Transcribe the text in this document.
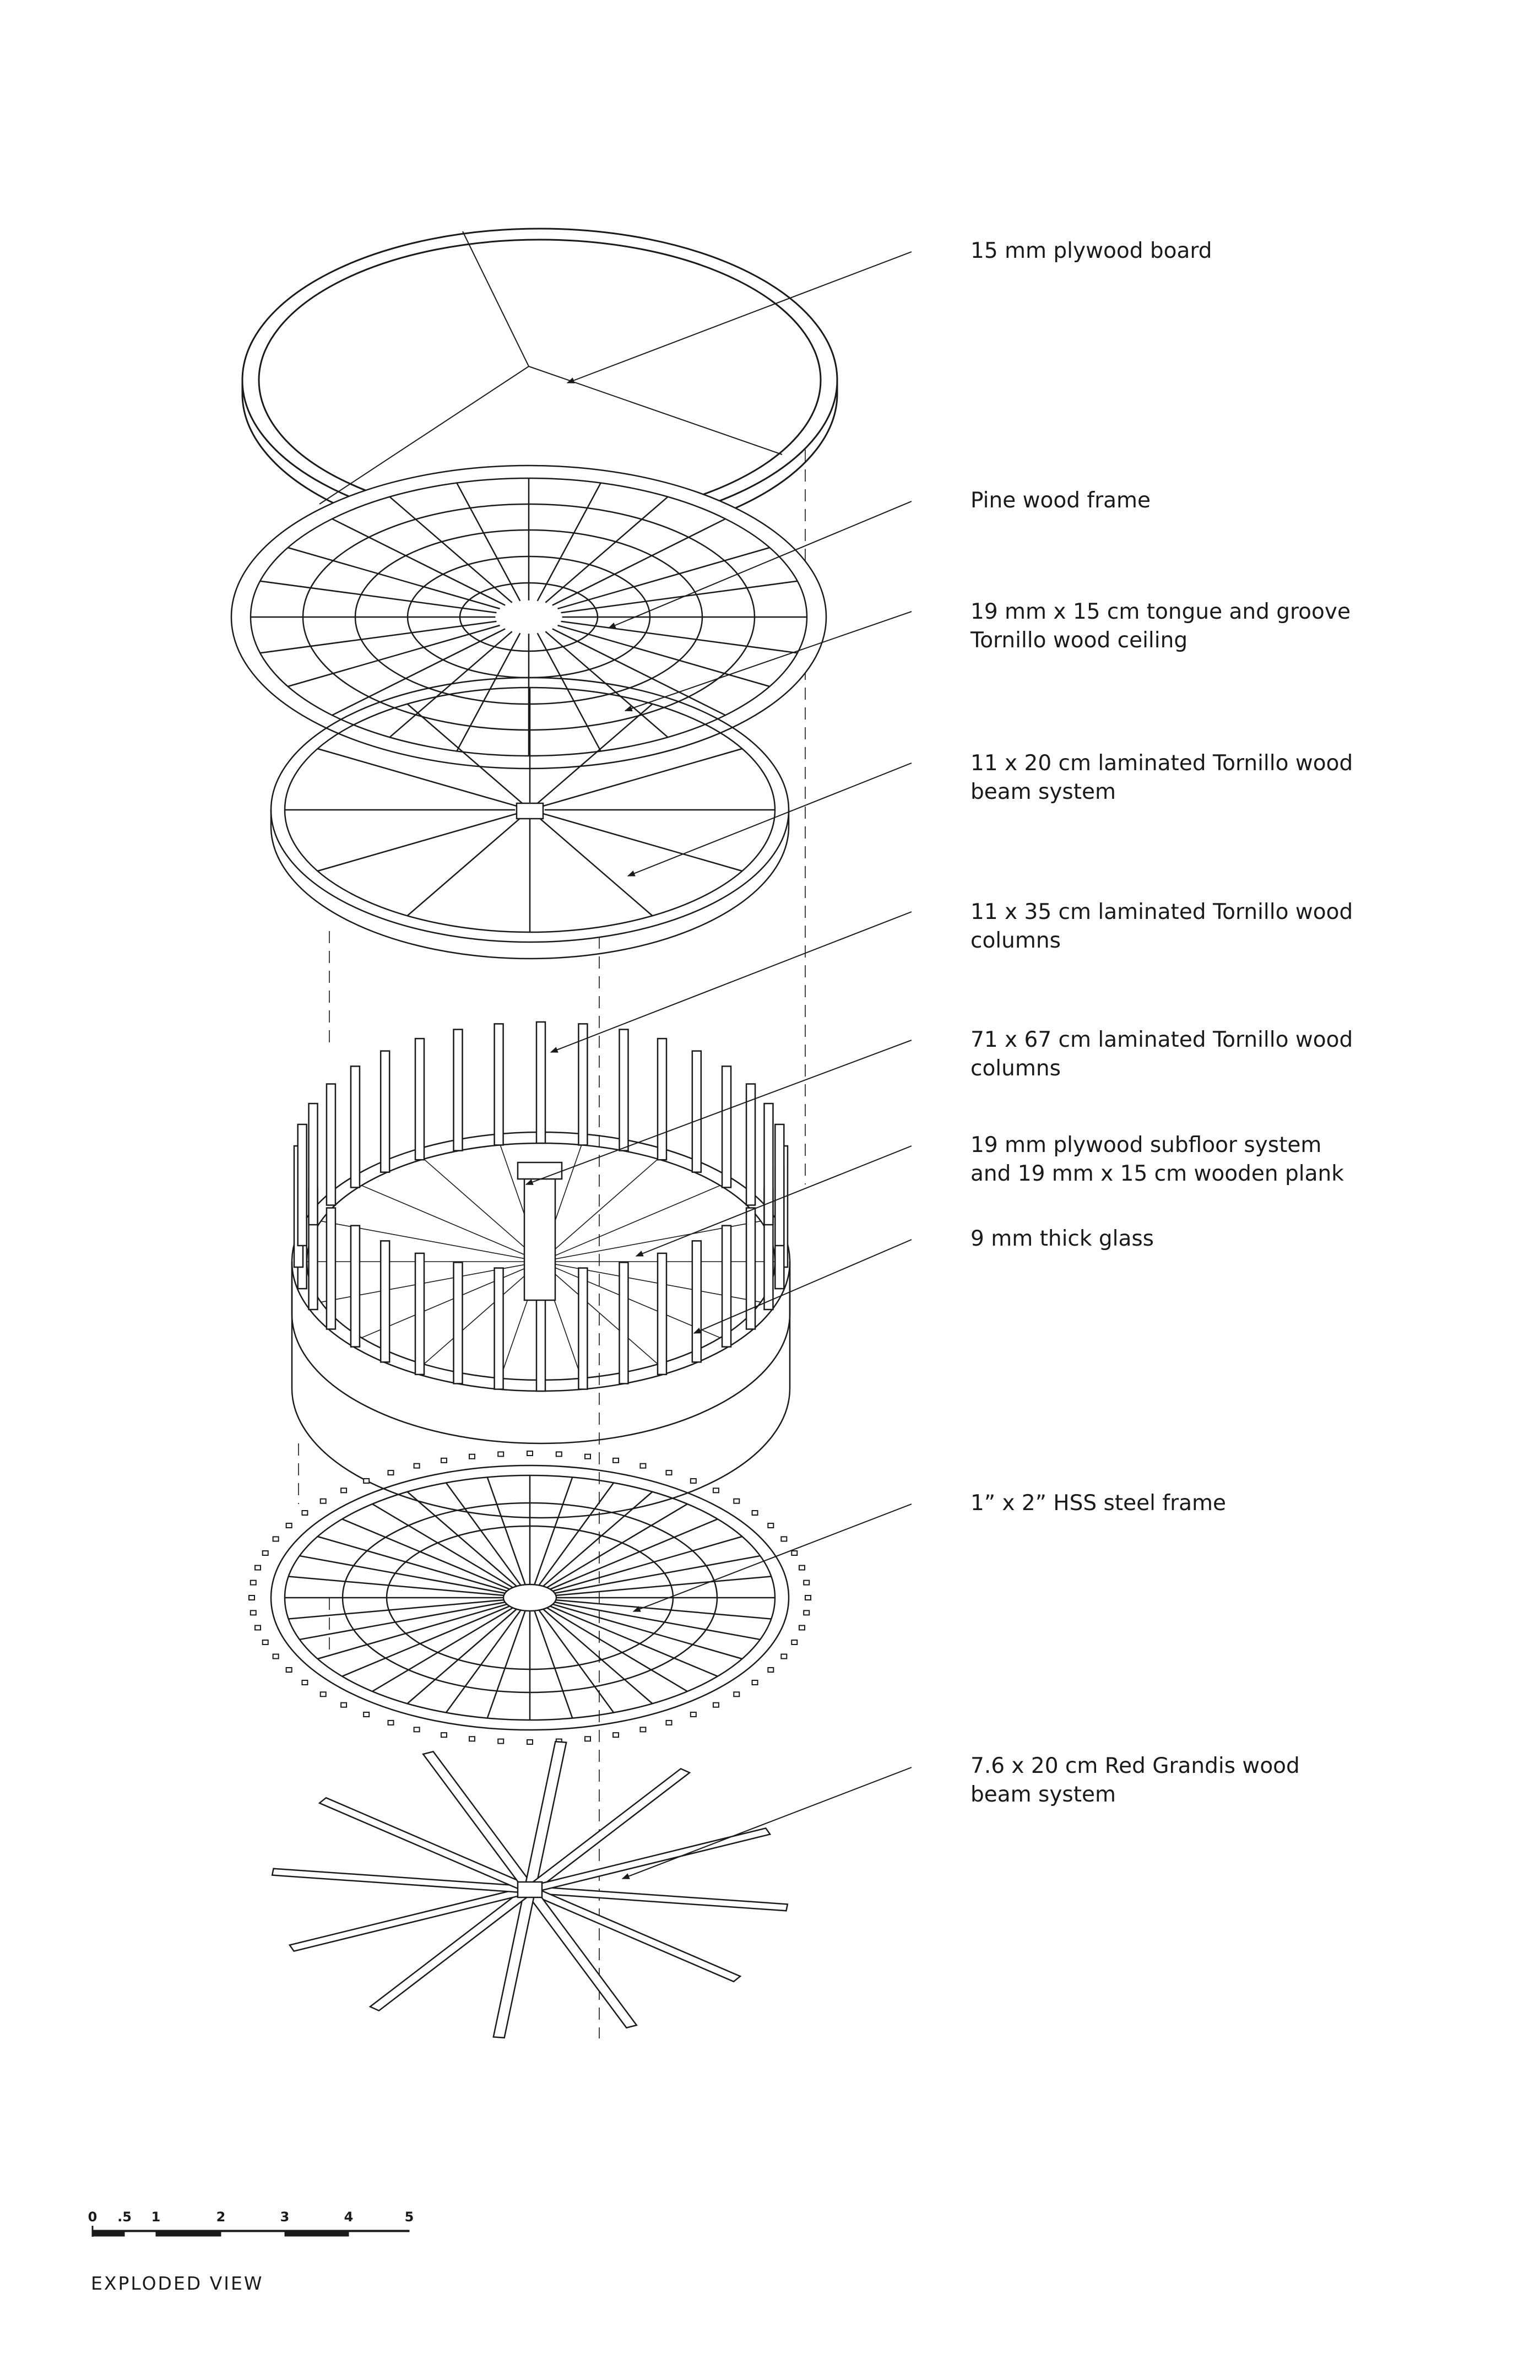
15 mm plywood board
Pine wood frame
19 mm x 15 cm tongue and groove
Tornillo wood ceiling
11 x 20 cm laminated Tornillo wood
beam system
11 x 35 cm laminated Tornillo wood
columns
71 x 67 cm laminated Tornillo wood
columns
19 mm plywood subfloor system
and 19 mm x 15 cm wooden plank
9 mm thick glass
1” x 2” HSS steel frame
7.6 x 20 cm Red Grandis wood
beam system
0 .5 1	2	3	4	5
EXPLODED VIEW
